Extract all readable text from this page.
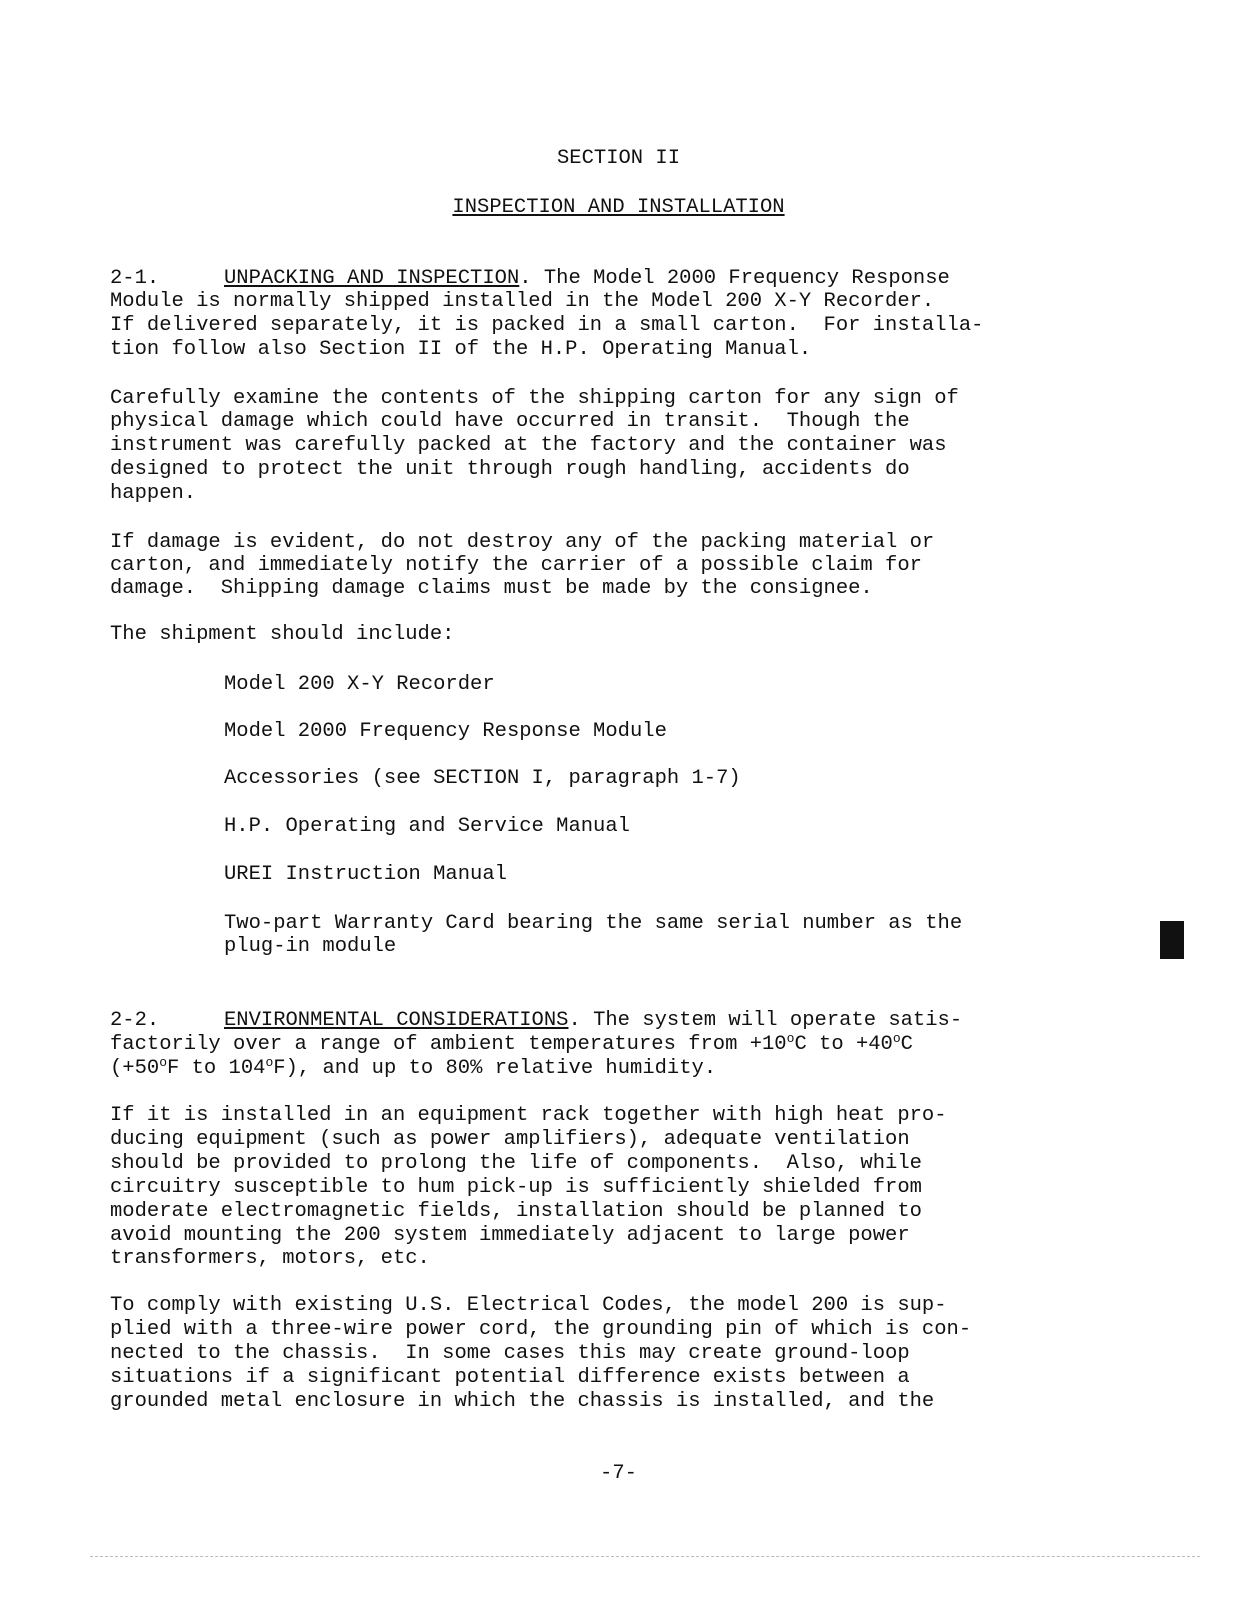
SECTION II
INSPECTION AND INSTALLATION
2-1.	UNPACKING AND INSPECTION. The Model 2000 Frequency Response
Module is normally shipped installed in the Model 200 X-Y Recorder.
If delivered separately, it is packed in a small carton.  For installa-
tion follow also Section II of the H.P. Operating Manual.
Carefully examine the contents of the shipping carton for any sign of
physical damage which could have occurred in transit.  Though the
instrument was carefully packed at the factory and the container was
designed to protect the unit through rough handling, accidents do
happen.
If damage is evident, do not destroy any of the packing material or
carton, and immediately notify the carrier of a possible claim for
damage.  Shipping damage claims must be made by the consignee.
The shipment should include:
Model 200 X-Y Recorder
Model 2000 Frequency Response Module
Accessories (see SECTION I, paragraph 1-7)
H.P. Operating and Service Manual
UREI Instruction Manual
Two-part Warranty Card bearing the same serial number as the
plug-in module
2-2.	ENVIRONMENTAL CONSIDERATIONS. The system will operate satis-
factorily over a range of ambient temperatures from $+10^oC$ to $+40^oC$
($+50^oF$ to 104$^o$F), and up to 80% relative humidity.
If it is installed in an equipment rack together with high heat pro-
ducing equipment (such as power amplifiers), adequate ventilation
should be provided to prolong the life of components.  Also, while
circuitry susceptible to hum pick-up is sufficiently shielded from
moderate electromagnetic fields, installation should be planned to
avoid mounting the 200 system immediately adjacent to large power
transformers, motors, etc.
To comply with existing U.S. Electrical Codes, the model 200 is sup-
plied with a three-wire power cord, the grounding pin of which is con-
nected to the chassis.  In some cases this may create ground-loop
situations if a significant potential difference exists between a
grounded metal enclosure in which the chassis is installed, and the
-7-
